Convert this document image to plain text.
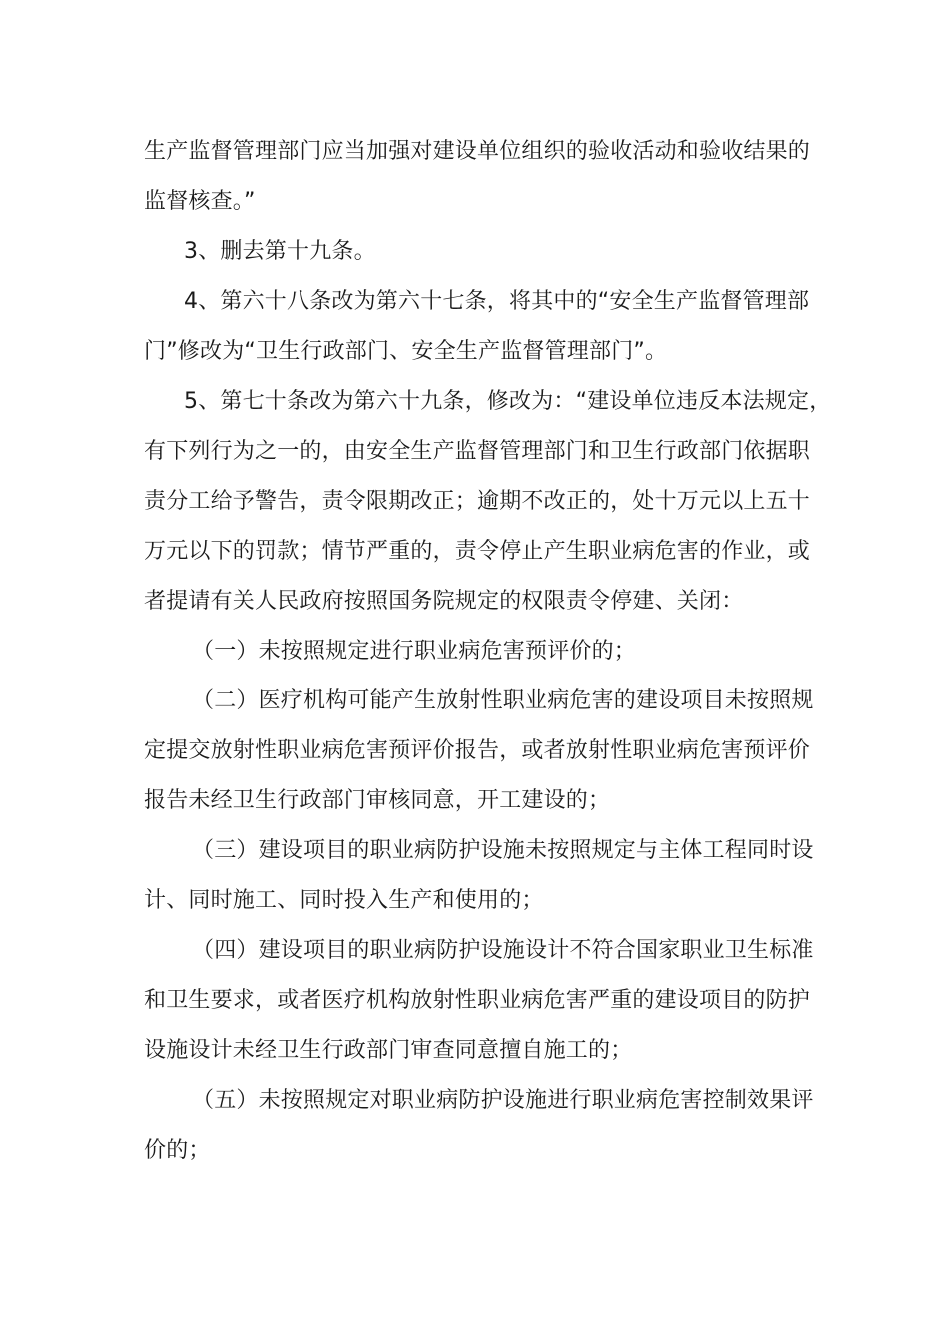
生产监督管理部门应当加强对建设单位组织的验收活动和验收结果的
监督核查。”
3、删去第十九条。
4、第六十八条改为第六十七条，将其中的“安全生产监督管理部
门”修改为“卫生行政部门、安全生产监督管理部门”。
5、第七十条改为第六十九条，修改为：“建设单位违反本法规定，
有下列行为之一的，由安全生产监督管理部门和卫生行政部门依据职
责分工给予警告，责令限期改正；逾期不改正的，处十万元以上五十
万元以下的罚款；情节严重的，责令停止产生职业病危害的作业，或
者提请有关人民政府按照国务院规定的权限责令停建、关闭：
（一）未按照规定进行职业病危害预评价的；
（二）医疗机构可能产生放射性职业病危害的建设项目未按照规
定提交放射性职业病危害预评价报告，或者放射性职业病危害预评价
报告未经卫生行政部门审核同意，开工建设的；
（三）建设项目的职业病防护设施未按照规定与主体工程同时设
计、同时施工、同时投入生产和使用的；
（四）建设项目的职业病防护设施设计不符合国家职业卫生标准
和卫生要求，或者医疗机构放射性职业病危害严重的建设项目的防护
设施设计未经卫生行政部门审查同意擅自施工的；
（五）未按照规定对职业病防护设施进行职业病危害控制效果评
价的；
